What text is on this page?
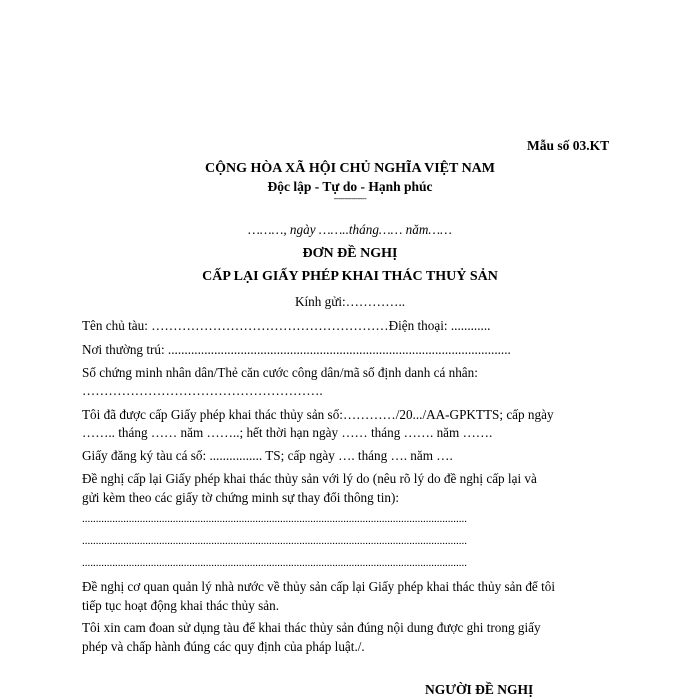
Mẫu số 03.KT
CỘNG HÒA XÃ HỘI CHỦ NGHĨA VIỆT NAM
Độc lập - Tự do - Hạnh phúc
---------------
………, ngày ……..tháng…… năm……
ĐƠN ĐỀ NGHỊ
CẤP LẠI GIẤY PHÉP KHAI THÁC THUỶ SẢN
Kính gửi:…………..
Tên chủ tàu: ………………………………………………Điện thoại: ............
Nơi thường trú: ........................................................................................................
Số chứng minh nhân dân/Thẻ căn cước công dân/mã số định danh cá nhân:
……………………………………………….
Tôi đã được cấp Giấy phép khai thác thủy sản số:…………/20.../AA-GPKTTS; cấp ngày
…….. tháng …… năm ……..; hết thời hạn ngày …… tháng ……. năm …….
Giấy đăng ký tàu cá số: ................ TS; cấp ngày …. tháng …. năm ….
Đề nghị cấp lại Giấy phép khai thác thủy sản với lý do (nêu rõ lý do đề nghị cấp lại và
gửi kèm theo các giấy tờ chứng minh sự thay đổi thông tin):
............................................................................................................................................
............................................................................................................................................
............................................................................................................................................
Đề nghị cơ quan quản lý nhà nước về thủy sản cấp lại Giấy phép khai thác thủy sản để tôi
tiếp tục hoạt động khai thác thủy sản.
Tôi xin cam đoan sử dụng tàu để khai thác thủy sản đúng nội dung được ghi trong giấy
phép và chấp hành đúng các quy định của pháp luật./.
NGƯỜI ĐỀ NGHỊ
